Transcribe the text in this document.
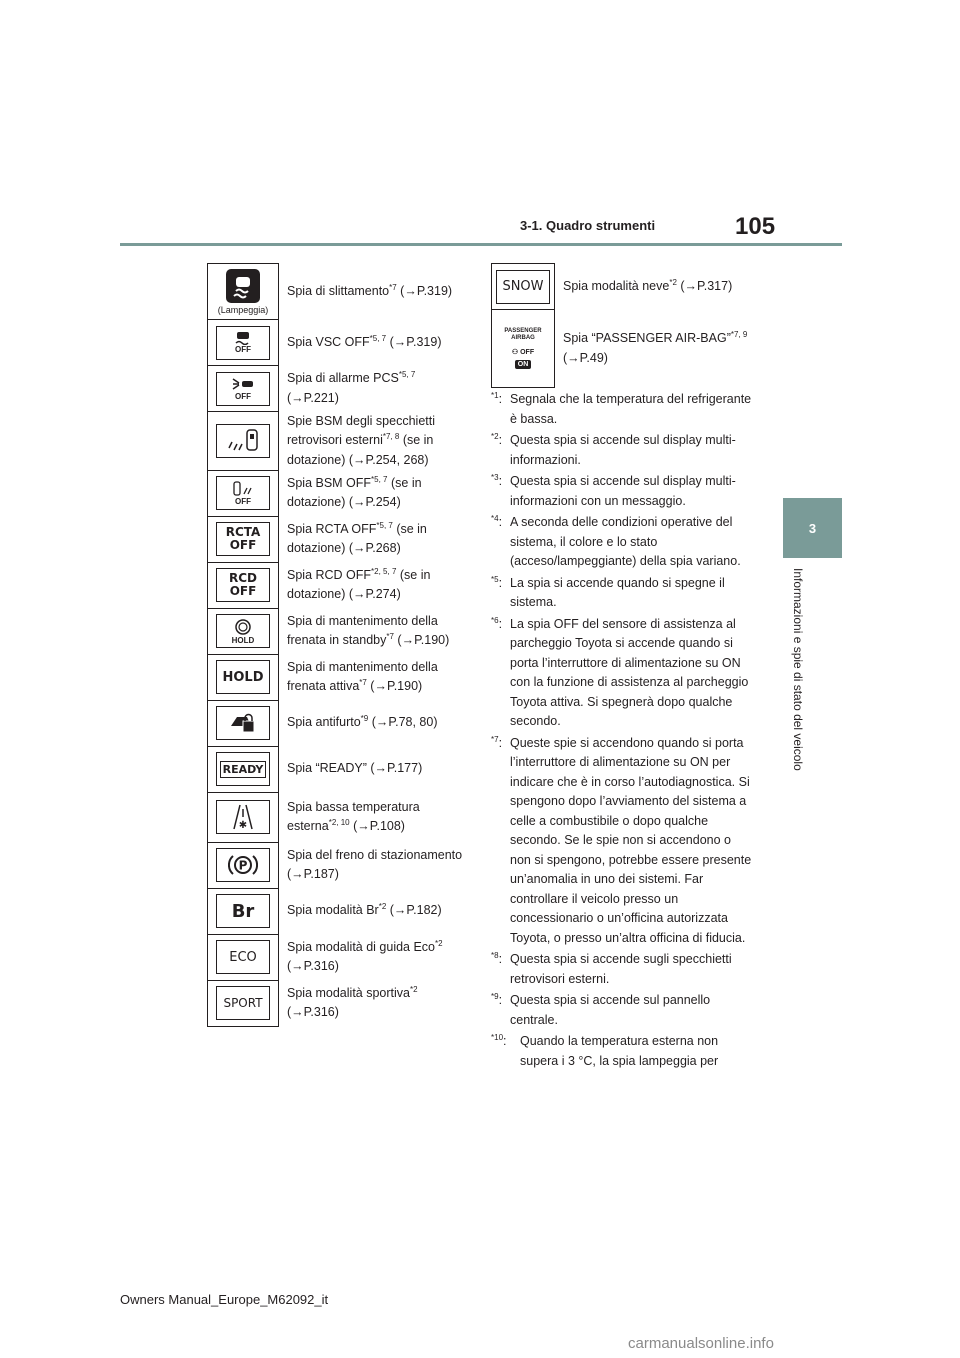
3-1. Quadro strumenti	105
3
Informazioni e spie di stato del veicolo
(Lampeggia)	Spia di slittamento$^{*7}$ (→P.319)

OFF	Spia VSC OFF$^{*5, 7}$ (→P.319)

OFF	Spia di allarme PCS$^{*5, 7}$
(→P.221)

	Spie BSM degli specchietti retrovisori esterni$^{*7, 8}$ (se in dotazione) (→P.254, 268)

OFF	Spia BSM OFF$^{*5, 7}$ (se in dotazione) (→P.254)
RCTA OFF	Spia RCTA OFF$^{*5, 7}$ (se in dotazione) (→P.268)
RCD OFF	Spia RCD OFF$^{*2, 5, 7}$ (se in dotazione) (→P.274)

HOLD	Spia di mantenimento della frenata in standby$^{*7}$ (→P.190)
HOLD	Spia di mantenimento della frenata attiva$^{*7}$ (→P.190)

	Spia antifurto$^{*9}$ (→P.78, 80)

READY	Spia “READY” (→P.177)

✱	Spia bassa temperatura esterna$^{*2, 10}$ (→P.108)

P	Spia del freno di stazionamento
(→P.187)
Br	Spia modalità Br$^{*2}$ (→P.182)
ECO	Spia modalità di guida Eco$^{*2}$
(→P.316)
SPORT	Spia modalità sportiva$^{*2}$
(→P.316)
SNOW	Spia modalità neve$^{*2}$ (→P.317)

PASSENGER AIRBAG
⚇ OFF
ON	Spia “PASSENGER AIR-BAG”$^{*7, 9}$ (→P.49)
$^{*1}$: Segnala che la temperatura del refrigerante è bassa.
$^{*2}$: Questa spia si accende sul display multi-informazioni.
$^{*3}$: Questa spia si accende sul display multi-informazioni con un messaggio.
$^{*4}$: A seconda delle condizioni operative del sistema, il colore e lo stato (acceso/lampeggiante) della spia variano.
$^{*5}$: La spia si accende quando si spegne il sistema.
$^{*6}$: La spia OFF del sensore di assistenza al parcheggio Toyota si accende quando si porta l’interruttore di alimentazione su ON con la funzione di assistenza al parcheggio Toyota attiva. Si spegnerà dopo qualche secondo.
$^{*7}$: Queste spie si accendono quando si porta l’interruttore di alimentazione su ON per indicare che è in corso l’autodiagnostica. Si spengono dopo l’avviamento del sistema a celle a combustibile o dopo qualche secondo. Se le spie non si accendono o non si spengono, potrebbe essere presente un’anomalia in uno dei sistemi. Far controllare il veicolo presso un concessionario o un’officina autorizzata Toyota, o presso un’altra officina di fiducia.
$^{*8}$: Questa spia si accende sugli specchietti retrovisori esterni.
$^{*9}$: Questa spia si accende sul pannello centrale.
$^{*10}$:	Quando la temperatura esterna non supera i 3 °C, la spia lampeggia per
Owners Manual_Europe_M62092_it
carmanualsonline.info
